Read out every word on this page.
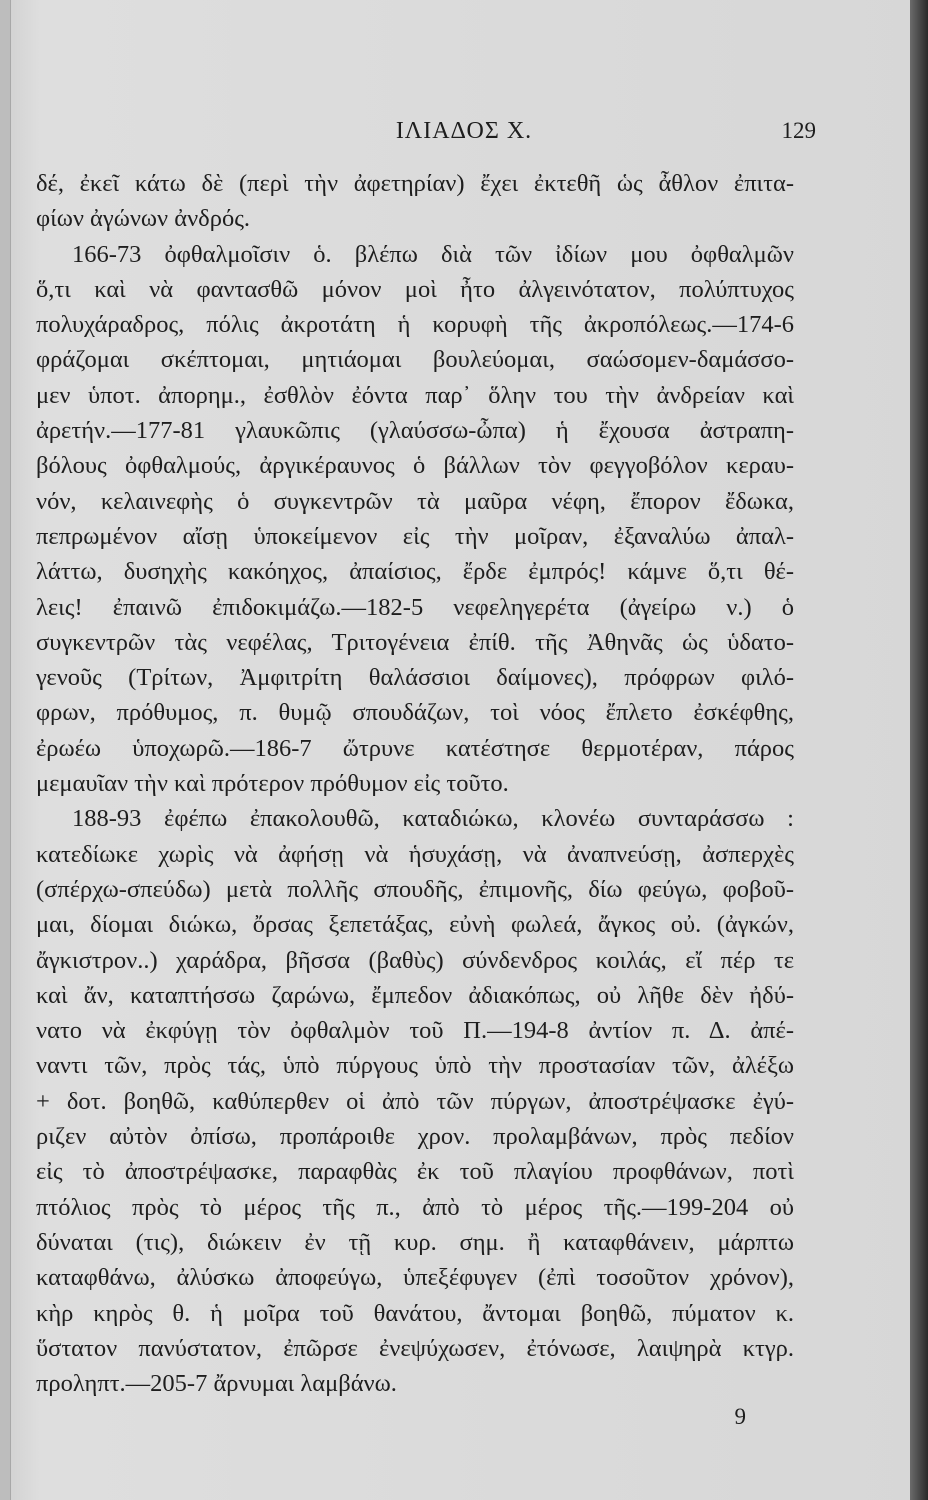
ΙΛΙΑΔΟΣ Χ.	129
δέ, ἐκεῖ κάτω δὲ (περὶ τὴν ἀφετηρίαν) ἔχει ἐκτεθῆ ὡς ἆθλον ἐπιτα-
φίων ἀγώνων ἀνδρός.
166-73 ὀφθαλμοῖσιν ὁ. βλέπω διὰ τῶν ἰδίων μου ὀφθαλμῶν
ὅ,τι καὶ νὰ φαντασθῶ μόνον μοὶ ἦτο ἀλγεινότατον, πολύπτυχος
πολυχάραδρος, πόλις ἀκροτάτη ἡ κορυφὴ τῆς ἀκροπόλεως.—174-6
φράζομαι σκέπτομαι, μητιάομαι βουλεύομαι, σαώσομεν-δαμάσσο-
μεν ὑποτ. ἀπορημ., ἐσθλὸν ἐόντα παρ᾽ ὅλην του τὴν ἀνδρείαν καὶ
ἀρετήν.—177-81 γλαυκῶπις (γλαύσσω-ὦπα) ἡ ἔχουσα ἀστραπη-
βόλους ὀφθαλμούς, ἀργικέραυνος ὁ βάλλων τὸν φεγγοβόλον κεραυ-
νόν, κελαινεφὴς ὁ συγκεντρῶν τὰ μαῦρα νέφη, ἔπορον ἔδωκα,
πεπρωμένον αἴσῃ ὑποκείμενον εἰς τὴν μοῖραν, ἐξαναλύω ἀπαλ-
λάττω, δυσηχὴς κακόηχος, ἀπαίσιος, ἔρδε ἐμπρός! κάμνε ὅ,τι θέ-
λεις! ἐπαινῶ ἐπιδοκιμάζω.—182-5 νεφεληγερέτα (ἀγείρω ν.) ὁ
συγκεντρῶν τὰς νεφέλας, Τριτογένεια ἐπίθ. τῆς Ἀθηνᾶς ὡς ὑδατο-
γενοῦς (Τρίτων, Ἀμφιτρίτη θαλάσσιοι δαίμονες), πρόφρων φιλό-
φρων, πρόθυμος, π. θυμῷ σπουδάζων, τοὶ νόος ἔπλετο ἐσκέφθης,
ἐρωέω ὑποχωρῶ.—186-7 ὤτρυνε κατέστησε θερμοτέραν, πάρος
μεμαυῖαν τὴν καὶ πρότερον πρόθυμον εἰς τοῦτο.
188-93 ἐφέπω ἐπακολουθῶ, καταδιώκω, κλονέω συνταράσσω :
κατεδίωκε χωρὶς νὰ ἀφήσῃ νὰ ἡσυχάσῃ, νὰ ἀναπνεύσῃ, ἀσπερχὲς
(σπέρχω-σπεύδω) μετὰ πολλῆς σπουδῆς, ἐπιμονῆς, δίω φεύγω, φοβοῦ-
μαι, δίομαι διώκω, ὄρσας ξεπετάξας, εὐνὴ φωλεά, ἄγκος οὐ. (ἀγκών,
ἄγκιστρον..) χαράδρα, βῆσσα (βαθὺς) σύνδενδρος κοιλάς, εἴ πέρ τε
καὶ ἄν, καταπτήσσω ζαρώνω, ἔμπεδον ἀδιακόπως, οὐ λῆθε δὲν ἠδύ-
νατο νὰ ἐκφύγῃ τὸν ὀφθαλμὸν τοῦ Π.—194-8 ἀντίον π. Δ. ἀπέ-
ναντι τῶν, πρὸς τάς, ὑπὸ πύργους ὑπὸ τὴν προστασίαν τῶν, ἀλέξω
+ δοτ. βοηθῶ, καθύπερθεν οἱ ἀπὸ τῶν πύργων, ἀποστρέψασκε ἐγύ-
ριζεν αὐτὸν ὀπίσω, προπάροιθε χρον. προλαμβάνων, πρὸς πεδίον
εἰς τὸ ἀποστρέψασκε, παραφθὰς ἐκ τοῦ πλαγίου προφθάνων, ποτὶ
πτόλιος πρὸς τὸ μέρος τῆς π., ἀπὸ τὸ μέρος τῆς.—199-204 οὐ
δύναται (τις), διώκειν ἐν τῇ κυρ. σημ. ἢ καταφθάνειν, μάρπτω
καταφθάνω, ἀλύσκω ἀποφεύγω, ὑπεξέφυγεν (ἐπὶ τοσοῦτον χρόνον),
κὴρ κηρὸς θ. ἡ μοῖρα τοῦ θανάτου, ἄντομαι βοηθῶ, πύματον κ.
ὕστατον πανύστατον, ἐπῶρσε ἐνεψύχωσεν, ἐτόνωσε, λαιψηρὰ κτγρ.
προληπτ.—205-7 ἄρνυμαι λαμβάνω.
9
